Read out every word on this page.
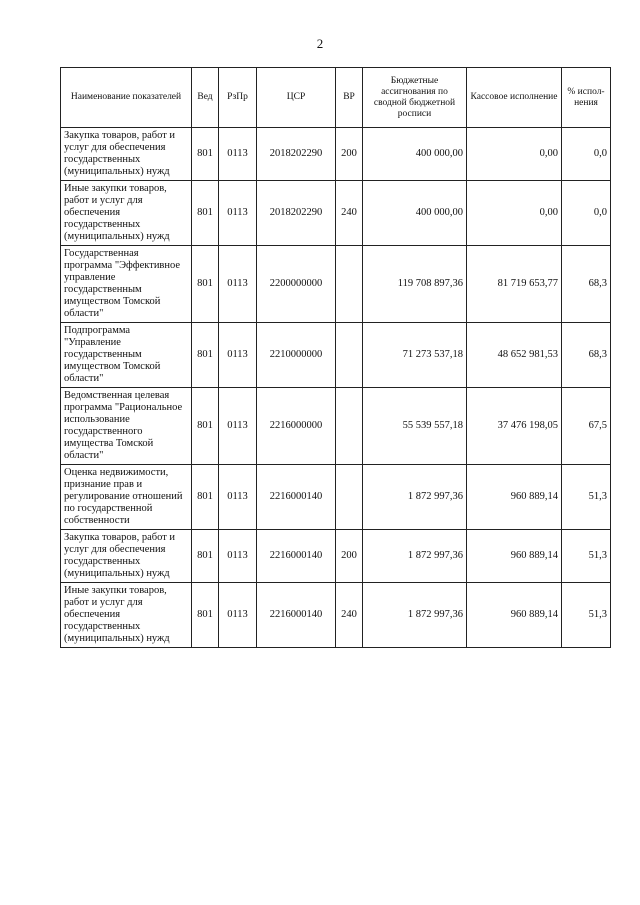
2
Наименование показателей	Вед	РзПр	ЦСР	ВР	Бюджетные ассигнования по сводной бюджетной росписи	Кассовое исполнение	% испол-нения
Закупка товаров, работ и услуг для обеспечения государственных (муниципальных) нужд	801	0113	2018202290	200	400 000,00	0,00	0,0
Иные закупки товаров, работ и услуг для обеспечения государственных (муниципальных) нужд	801	0113	2018202290	240	400 000,00	0,00	0,0
Государственная программа "Эффективное управление государственным имуществом Томской области"	801	0113	2200000000		119 708 897,36	81 719 653,77	68,3
Подпрограмма "Управление государственным имуществом Томской области"	801	0113	2210000000		71 273 537,18	48 652 981,53	68,3
Ведомственная целевая программа "Рациональное использование государственного имущества Томской области"	801	0113	2216000000		55 539 557,18	37 476 198,05	67,5
Оценка недвижимости, признание прав и регулирование отношений по государственной собственности	801	0113	2216000140		1 872 997,36	960 889,14	51,3
Закупка товаров, работ и услуг для обеспечения государственных (муниципальных) нужд	801	0113	2216000140	200	1 872 997,36	960 889,14	51,3
Иные закупки товаров, работ и услуг для обеспечения государственных (муниципальных) нужд	801	0113	2216000140	240	1 872 997,36	960 889,14	51,3
